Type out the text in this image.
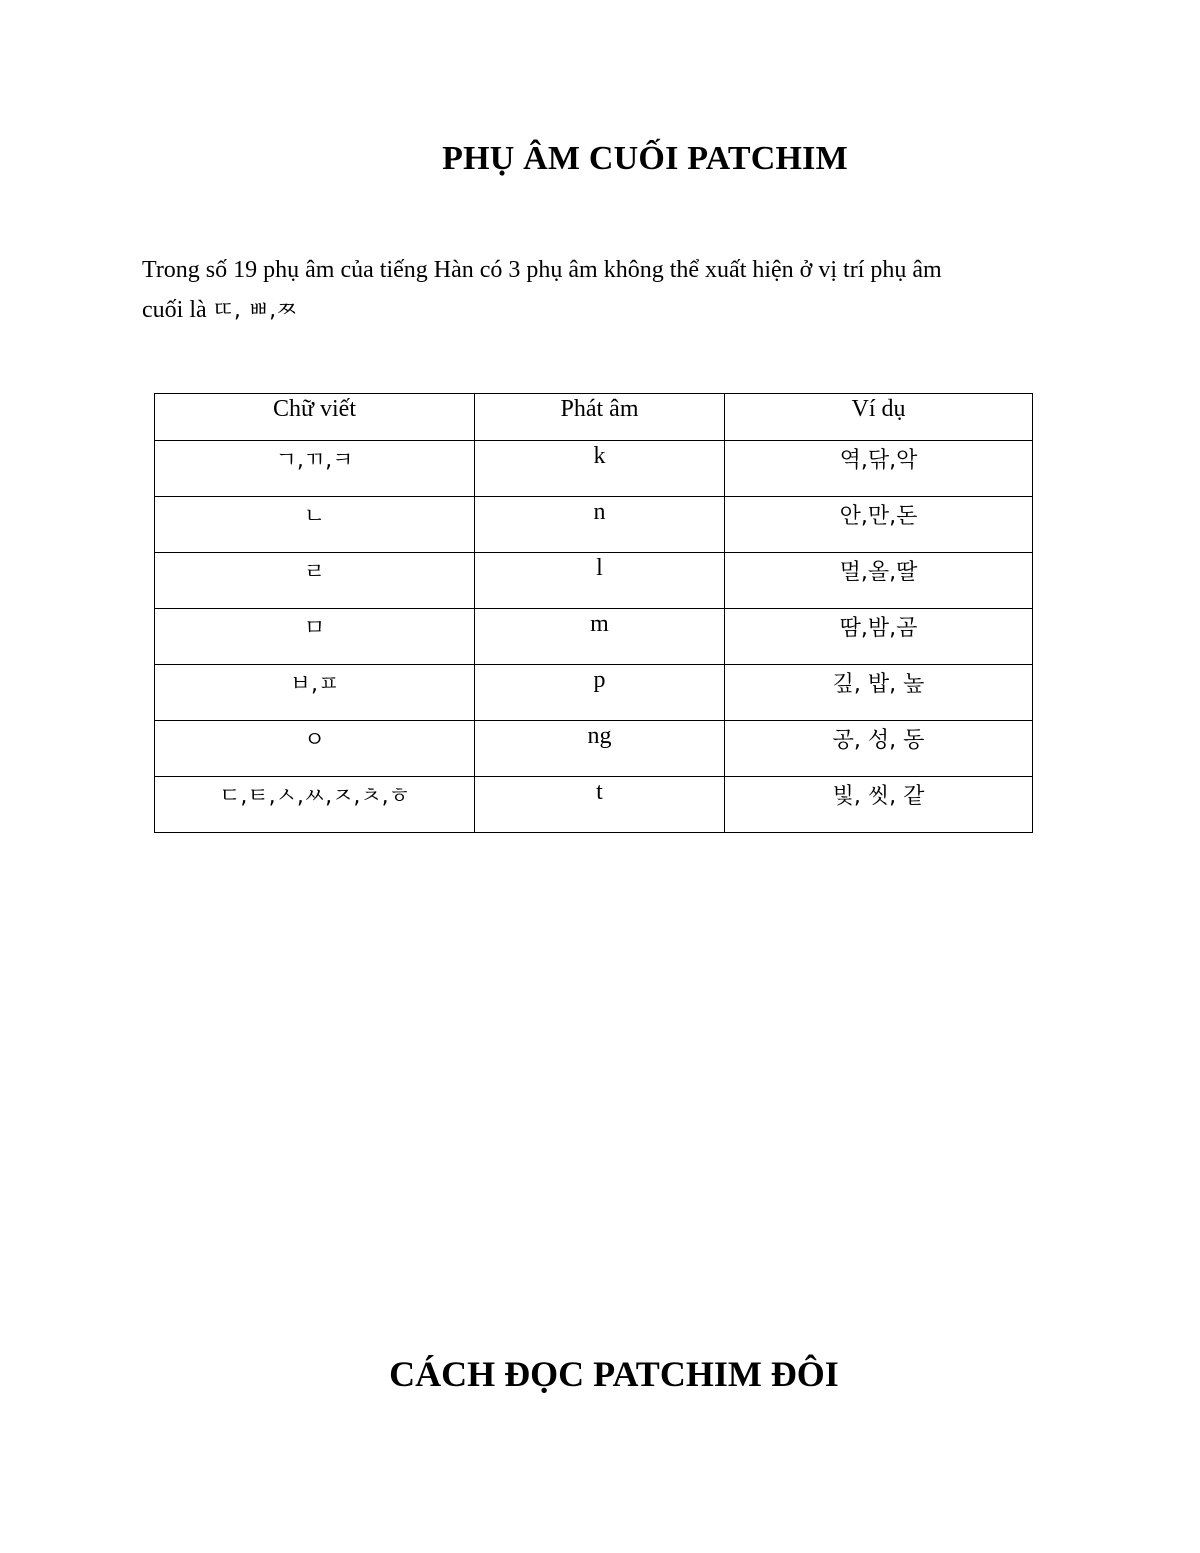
PHỤ ÂM CUỐI PATCHIM
Trong số 19 phụ âm của tiếng Hàn có 3 phụ âm không thể xuất hiện ở vị trí phụ âm
cuối là ㄸ, ㅃ,ㅉ
Chữ viết	Phát âm	Ví dụ
ㄱ,ㄲ,ㅋ	k	역,닦,악
ㄴ	n	안,만,돈
ㄹ	l	멀,올,딸
ㅁ	m	땀,밤,곰
ㅂ,ㅍ	p	깊, 밥, 높
ㅇ	ng	공, 성, 동
ㄷ,ㅌ,ㅅ,ㅆ,ㅈ,ㅊ,ㅎ	t	빛, 씻, 같
CÁCH ĐỌC PATCHIM ĐÔI
